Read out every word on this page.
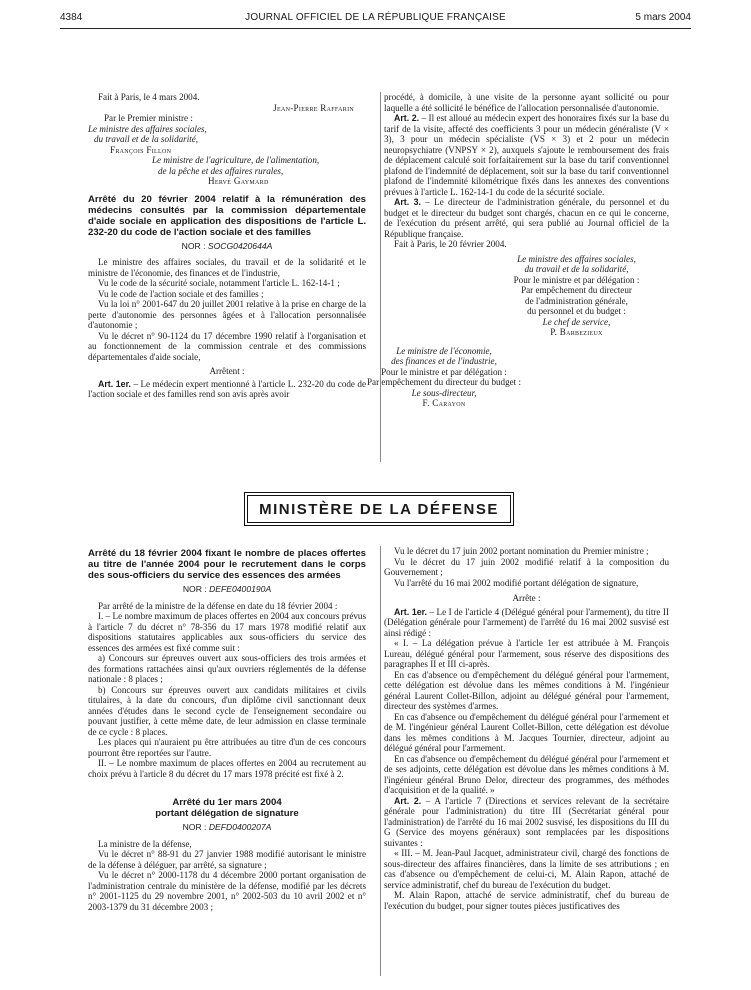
4384	JOURNAL OFFICIEL DE LA RÉPUBLIQUE FRANÇAISE	5 mars 2004

Fait à Paris, le 4 mars 2004.

Jean-Pierre Raffarin

Par le Premier ministre :

Le ministre des affaires sociales,

du travail et de la solidarité,

François Fillon

Le ministre de l'agriculture, de l'alimentation,

de la pêche et des affaires rurales,

Hervé Gaymard

Arrêté du 20 février 2004 relatif à la rémunération des médecins consultés par la commission départementale d'aide sociale en application des dispositions de l'article L. 232-20 du code de l'action sociale et des familles
NOR : SOCG0420644A

Le ministre des affaires sociales, du travail et de la solidarité et le ministre de l'économie, des finances et de l'industrie,

Vu le code de la sécurité sociale, notamment l'article L. 162-14-1 ;

Vu le code de l'action sociale et des familles ;

Vu la loi n° 2001-647 du 20 juillet 2001 relative à la prise en charge de la perte d'autonomie des personnes âgées et à l'allocation personnalisée d'autonomie ;

Vu le décret n° 90-1124 du 17 décembre 1990 relatif à l'organisation et au fonctionnement de la commission centrale et des commissions départementales d'aide sociale,

Arrêtent :

Art. 1er. – Le médecin expert mentionné à l'article L. 232-20 du code de l'action sociale et des familles rend son avis après avoir

procédé, à domicile, à une visite de la personne ayant sollicité ou pour laquelle a été sollicité le bénéfice de l'allocation personnalisée d'autonomie.

Art. 2. – Il est alloué au médecin expert des honoraires fixés sur la base du tarif de la visite, affecté des coefficients 3 pour un médecin généraliste (V × 3), 3 pour un médecin spécialiste (VS × 3) et 2 pour un médecin neuropsychiatre (VNPSY × 2), auxquels s'ajoute le remboursement des frais de déplacement calculé soit forfaitairement sur la base du tarif conventionnel plafond de l'indemnité de déplacement, soit sur la base du tarif conventionnel plafond de l'indemnité kilométrique fixés dans les annexes des conventions prévues à l'article L. 162-14-1 du code de la sécurité sociale.

Art. 3. – Le directeur de l'administration générale, du personnel et du budget et le directeur du budget sont chargés, chacun en ce qui le concerne, de l'exécution du présent arrêté, qui sera publié au Journal officiel de la République française.

Fait à Paris, le 20 février 2004.

Le ministre des affaires sociales,
du travail et de la solidarité,
Pour le ministre et par délégation :
Par empêchement du directeur
de l'administration générale,
du personnel et du budget :
Le chef de service,
P. Barbezieux
Le ministre de l'économie,
des finances et de l'industrie,
Pour le ministre et par délégation :
Par empêchement du directeur du budget :
Le sous-directeur,
F. Carayon
MINISTÈRE DE LA DÉFENSE
Arrêté du 18 février 2004 fixant le nombre de places offertes au titre de l'année 2004 pour le recrutement dans le corps des sous-officiers du service des essences des armées
NOR : DEFE0400190A

Par arrêté de la ministre de la défense en date du 18 février 2004 :

I. – Le nombre maximum de places offertes en 2004 aux concours prévus à l'article 7 du décret n° 78-356 du 17 mars 1978 modifié relatif aux dispositions statutaires applicables aux sous-officiers du service des essences des armées est fixé comme suit :

a) Concours sur épreuves ouvert aux sous-officiers des trois armées et des formations rattachées ainsi qu'aux ouvriers réglementés de la défense nationale : 8 places ;

b) Concours sur épreuves ouvert aux candidats militaires et civils titulaires, à la date du concours, d'un diplôme civil sanctionnant deux années d'études dans le second cycle de l'enseignement secondaire ou pouvant justifier, à cette même date, de leur admission en classe terminale de ce cycle : 8 places.

Les places qui n'auraient pu être attribuées au titre d'un de ces concours pourront être reportées sur l'autre.

II. – Le nombre maximum de places offertes en 2004 au recrutement au choix prévu à l'article 8 du décret du 17 mars 1978 précité est fixé à 2.

Arrêté du 1er mars 2004
portant délégation de signature
NOR : DEFD0400207A

La ministre de la défense,

Vu le décret n° 88-91 du 27 janvier 1988 modifié autorisant le ministre de la défense à déléguer, par arrêté, sa signature ;

Vu le décret n° 2000-1178 du 4 décembre 2000 portant organisation de l'administration centrale du ministère de la défense, modifié par les décrets n° 2001-1125 du 29 novembre 2001, n° 2002-503 du 10 avril 2002 et n° 2003-1379 du 31 décembre 2003 ;

Vu le décret du 17 juin 2002 portant nomination du Premier ministre ;

Vu le décret du 17 juin 2002 modifié relatif à la composition du Gouvernement ;

Vu l'arrêté du 16 mai 2002 modifié portant délégation de signature,

Arrête :

Art. 1er. – Le I de l'article 4 (Délégué général pour l'armement), du titre II (Délégation générale pour l'armement) de l'arrêté du 16 mai 2002 susvisé est ainsi rédigé :

« I. – La délégation prévue à l'article 1er est attribuée à M. François Lureau, délégué général pour l'armement, sous réserve des dispositions des paragraphes II et III ci-après.

En cas d'absence ou d'empêchement du délégué général pour l'armement, cette délégation est dévolue dans les mêmes conditions à M. l'ingénieur général Laurent Collet-Billon, adjoint au délégué général pour l'armement, directeur des systèmes d'armes.

En cas d'absence ou d'empêchement du délégué général pour l'armement et de M. l'ingénieur général Laurent Collet-Billon, cette délégation est dévolue dans les mêmes conditions à M. Jacques Tournier, directeur, adjoint au délégué général pour l'armement.

En cas d'absence ou d'empêchement du délégué général pour l'armement et de ses adjoints, cette délégation est dévolue dans les mêmes conditions à M. l'ingénieur général Bruno Delor, directeur des programmes, des méthodes d'acquisition et de la qualité. »

Art. 2. – A l'article 7 (Directions et services relevant de la secrétaire générale pour l'administration) du titre III (Secrétariat général pour l'administration) de l'arrêté du 16 mai 2002 susvisé, les dispositions du III du G (Service des moyens généraux) sont remplacées par les dispositions suivantes :

« III. – M. Jean-Paul Jacquet, administrateur civil, chargé des fonctions de sous-directeur des affaires financières, dans la limite de ses attributions ; en cas d'absence ou d'empêchement de celui-ci, M. Alain Rapon, attaché de service administratif, chef du bureau de l'exécution du budget.

M. Alain Rapon, attaché de service administratif, chef du bureau de l'exécution du budget, pour signer toutes pièces justificatives des
